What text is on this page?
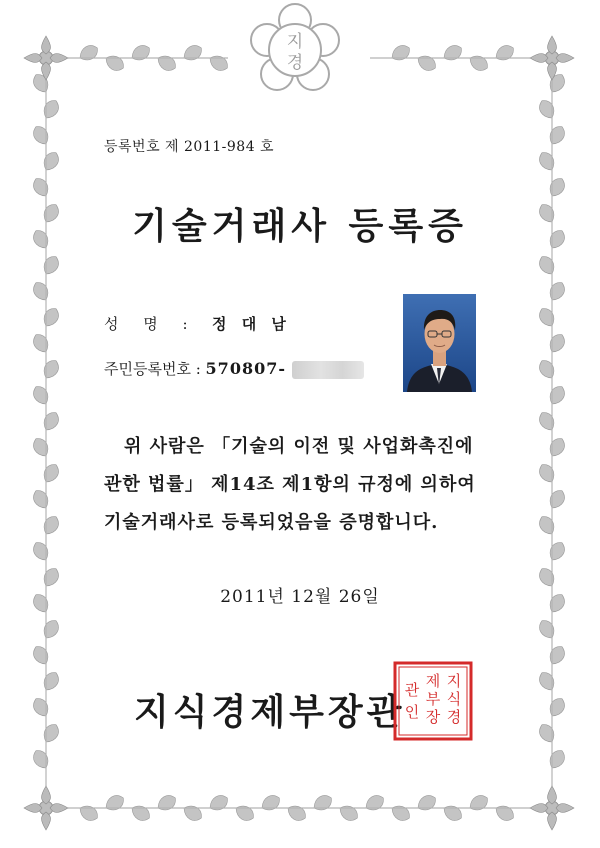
지
경
등록번호 제 2011-984 호
기술거래사 등록증
성 명 : 정 대 남
주민등록번호 : 570807-
위 사람은 「기술의 이전 및 사업화촉진에
관한 법률」 제14조 제1항의 규정에 의하여
기술거래사로 등록되었음을 증명합니다.
2011년 12월 26일
지식경제부장관
지
식
경
제
부
장
관
인
